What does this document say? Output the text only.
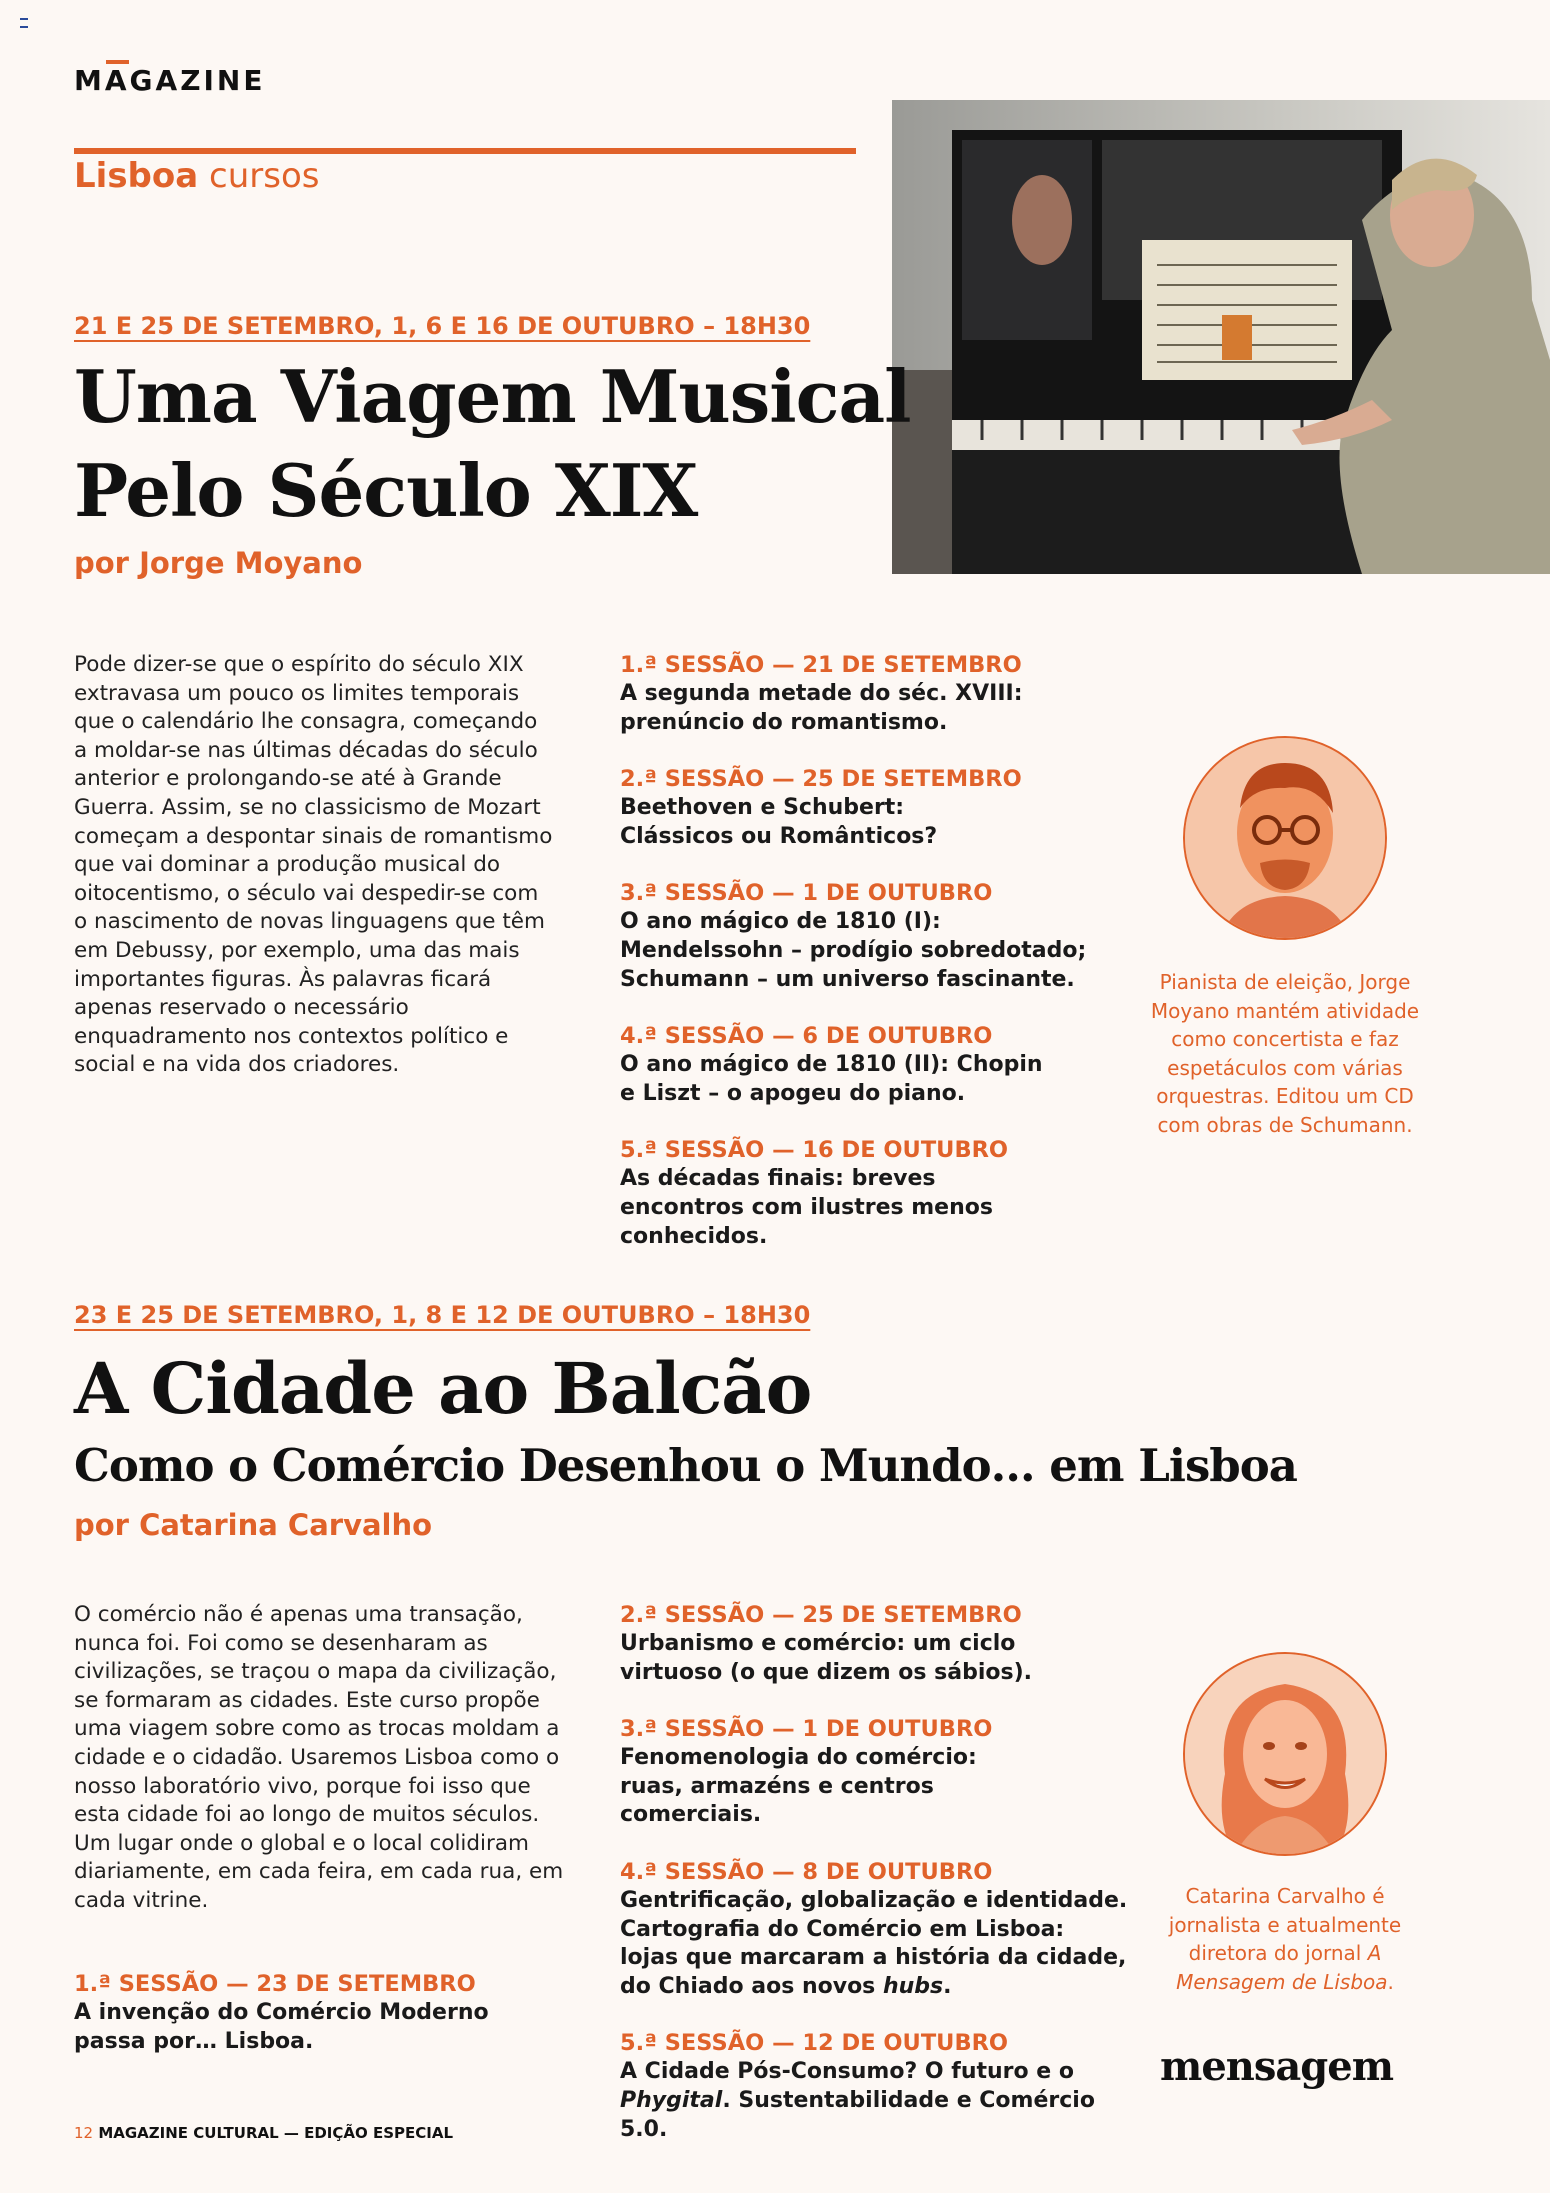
MAGAZINE
Lisboa cursos
21 E 25 DE SETEMBRO, 1, 6 E 16 DE OUTUBRO – 18H30
Uma Viagem Musical
Pelo Século XIX
por Jorge Moyano
Pode dizer-se que o espírito do século XIX extravasa um pouco os limites temporais que o calendário lhe consagra, começando a moldar-se nas últimas décadas do século anterior e prolongando-se até à Grande Guerra. Assim, se no classicismo de Mozart começam a despontar sinais de romantismo que vai dominar a produção musical do oitocentismo, o século vai despedir-se com o nascimento de novas linguagens que têm em Debussy, por exemplo, uma das mais importantes figuras. Às palavras ficará apenas reservado o necessário enquadramento nos contextos político e social e na vida dos criadores.
1.ª SESSÃO — 21 DE SETEMBRO
A segunda metade do séc. XVIII: prenúncio do romantismo.
2.ª SESSÃO — 25 DE SETEMBRO
Beethoven e Schubert: Clássicos ou Românticos?
3.ª SESSÃO — 1 DE OUTUBRO
O ano mágico de 1810 (I): Mendelssohn – prodígio sobredotado; Schumann – um universo fascinante.
4.ª SESSÃO — 6 DE OUTUBRO
O ano mágico de 1810 (II): Chopin e Liszt – o apogeu do piano.
5.ª SESSÃO — 16 DE OUTUBRO
As décadas finais: breves encontros com ilustres menos conhecidos.
Pianista de eleição, Jorge Moyano mantém atividade como concertista e faz espetáculos com várias orquestras. Editou um CD com obras de Schumann.
23 E 25 DE SETEMBRO, 1, 8 E 12 DE OUTUBRO – 18H30
A Cidade ao Balcão
Como o Comércio Desenhou o Mundo… em Lisboa
por Catarina Carvalho
O comércio não é apenas uma transação, nunca foi. Foi como se desenharam as civilizações, se traçou o mapa da civilização, se formaram as cidades. Este curso propõe uma viagem sobre como as trocas moldam a cidade e o cidadão. Usaremos Lisboa como o nosso laboratório vivo, porque foi isso que esta cidade foi ao longo de muitos séculos. Um lugar onde o global e o local colidiram diariamente, em cada feira, em cada rua, em cada vitrine.
1.ª SESSÃO — 23 DE SETEMBRO
A invenção do Comércio Moderno passa por… Lisboa.
2.ª SESSÃO — 25 DE SETEMBRO
Urbanismo e comércio: um ciclo virtuoso (o que dizem os sábios).
3.ª SESSÃO — 1 DE OUTUBRO
Fenomenologia do comércio: ruas, armazéns e centros comerciais.
4.ª SESSÃO — 8 DE OUTUBRO
Gentrificação, globalização e identidade. Cartografia do Comércio em Lisboa: lojas que marcaram a história da cidade, do Chiado aos novos hubs.
5.ª SESSÃO — 12 DE OUTUBRO
A Cidade Pós-Consumo? O futuro e o Phygital. Sustentabilidade e Comércio 5.0.
Catarina Carvalho é jornalista e atualmente diretora do jornal A Mensagem de Lisboa.
mensagem
12 MAGAZINE CULTURAL — EDIÇÃO ESPECIAL
